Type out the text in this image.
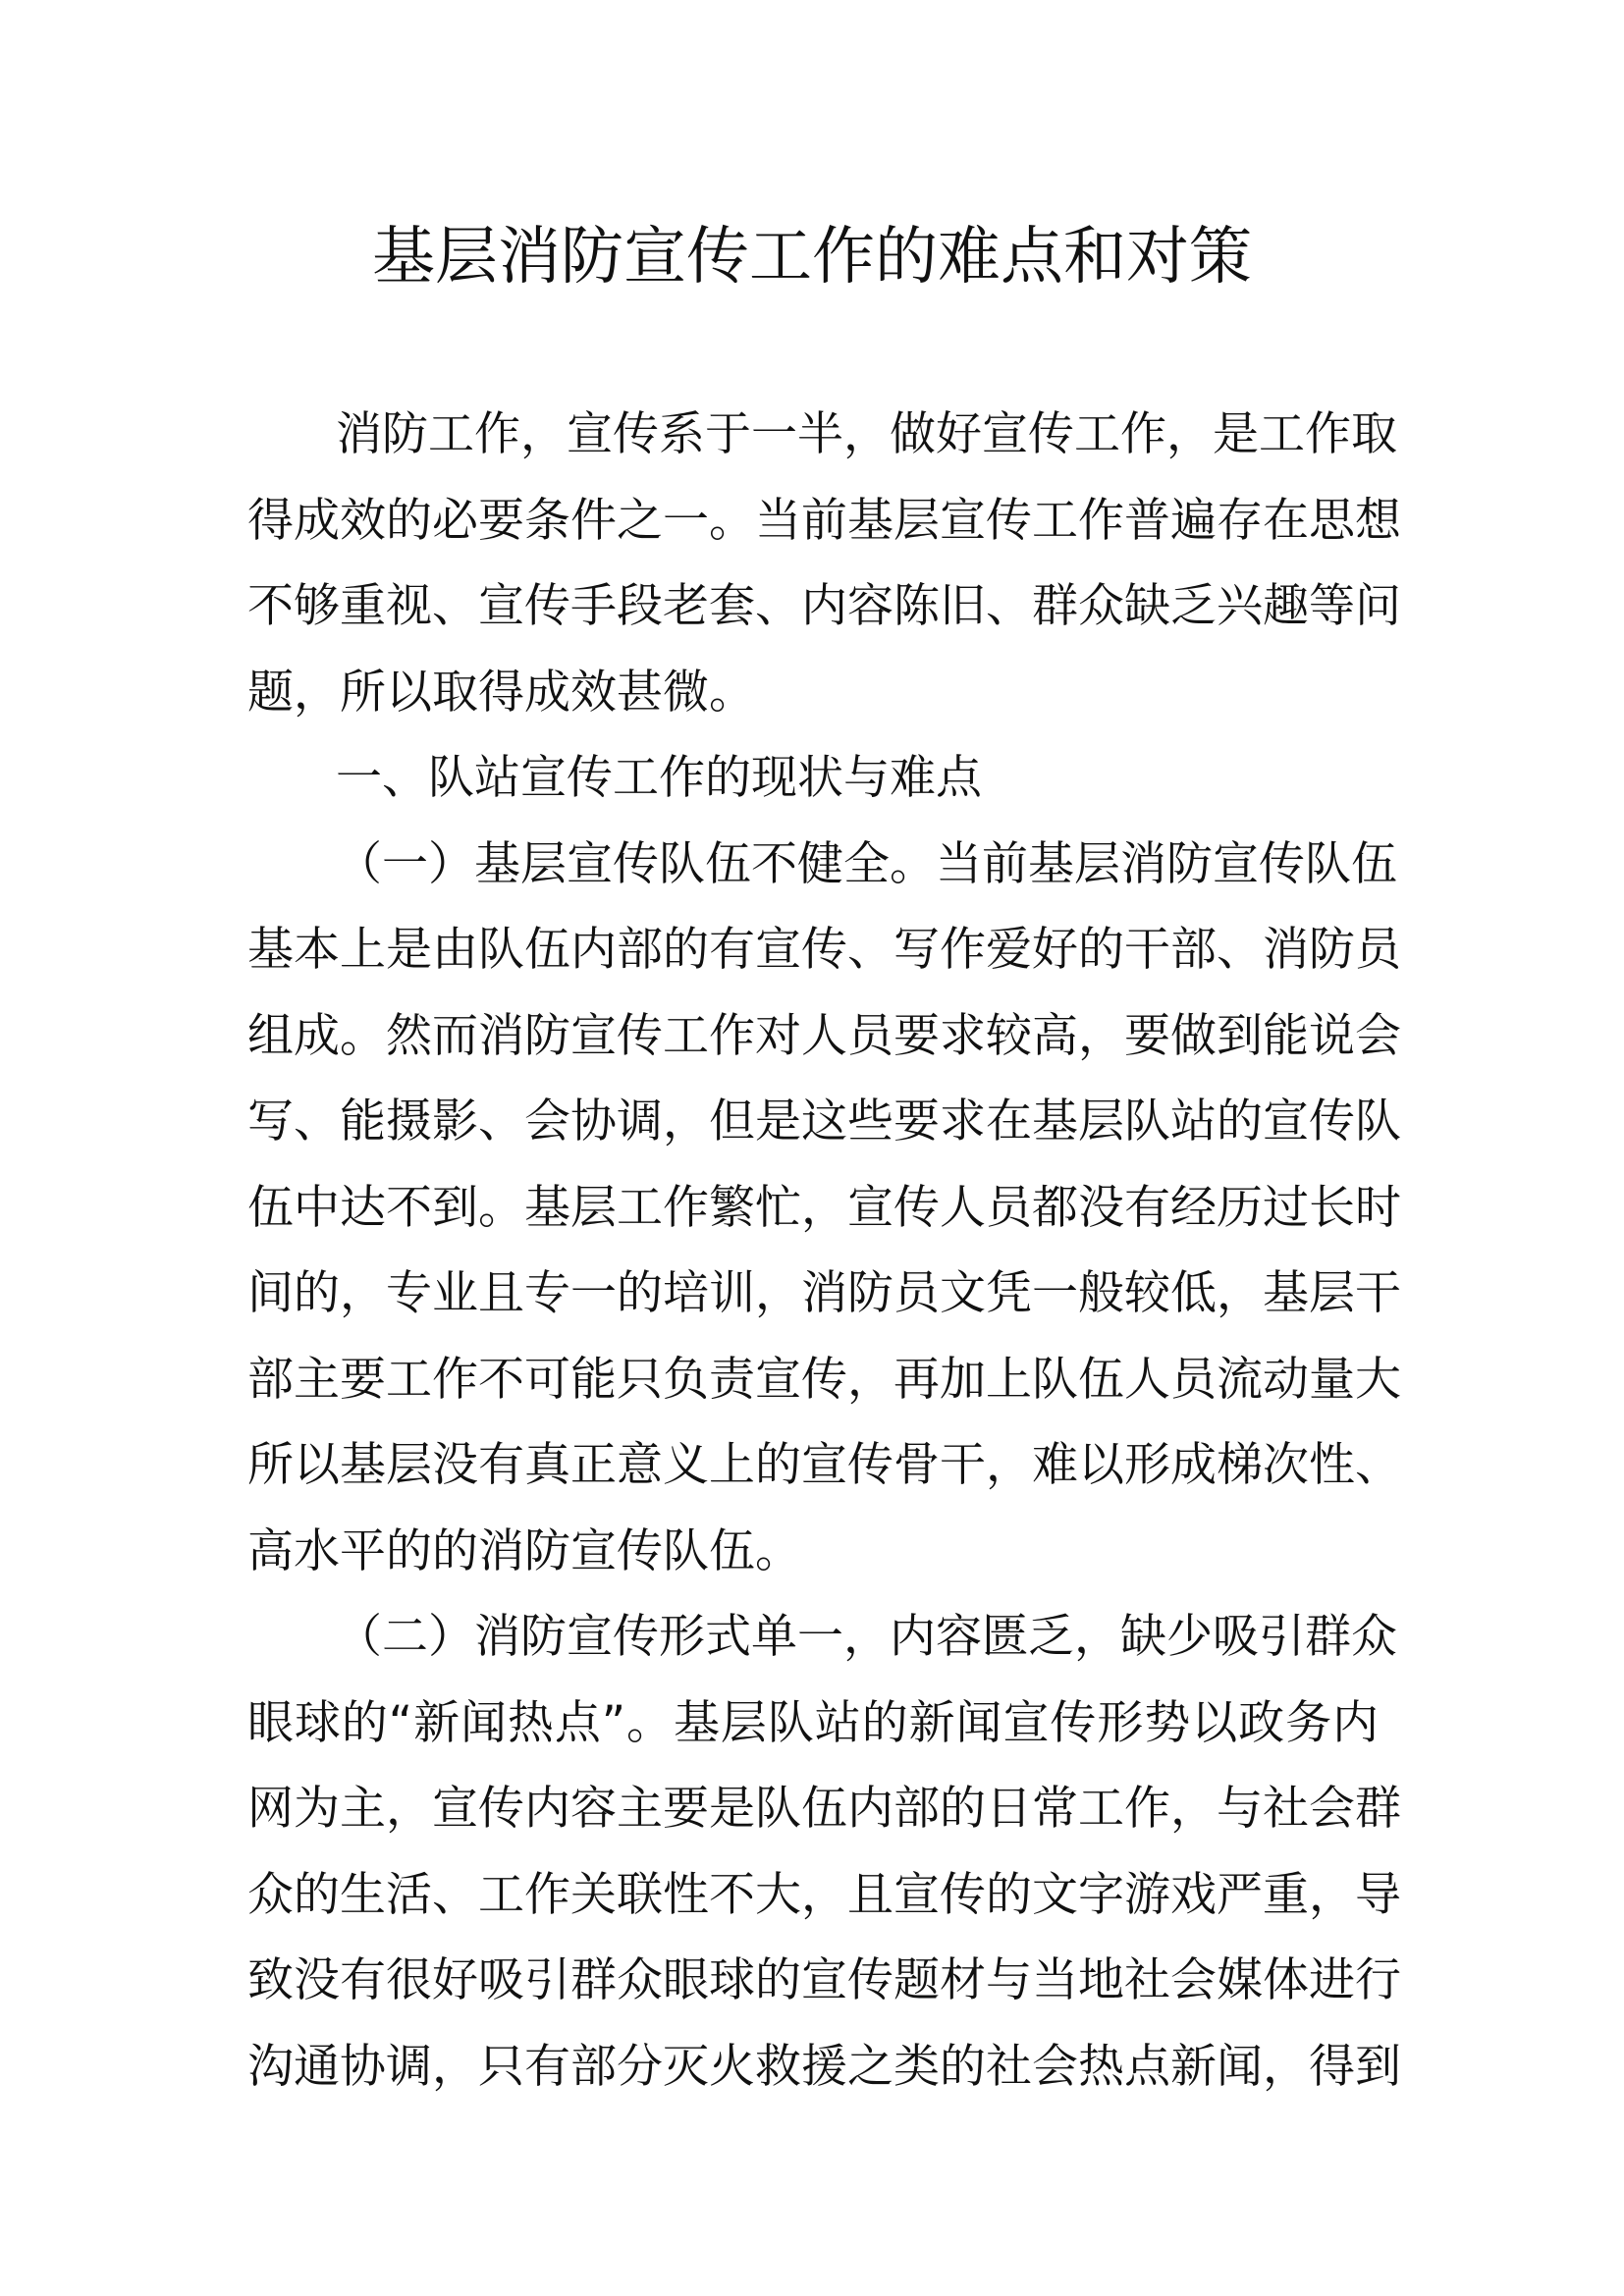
基层消防宣传工作的难点和对策
消防工作，宣传系于一半，做好宣传工作，是工作取
得成效的必要条件之一。当前基层宣传工作普遍存在思想
不够重视、宣传手段老套、内容陈旧、群众缺乏兴趣等问
题，所以取得成效甚微。
一、队站宣传工作的现状与难点
（一）基层宣传队伍不健全。当前基层消防宣传队伍
基本上是由队伍内部的有宣传、写作爱好的干部、消防员
组成。然而消防宣传工作对人员要求较高，要做到能说会
写、能摄影、会协调，但是这些要求在基层队站的宣传队
伍中达不到。基层工作繁忙，宣传人员都没有经历过长时
间的，专业且专一的培训，消防员文凭一般较低，基层干
部主要工作不可能只负责宣传，再加上队伍人员流动量大
所以基层没有真正意义上的宣传骨干，难以形成梯次性、
高水平的的消防宣传队伍。
（二）消防宣传形式单一，内容匮乏，缺少吸引群众
眼球的“新闻热点”。基层队站的新闻宣传形势以政务内
网为主，宣传内容主要是队伍内部的日常工作，与社会群
众的生活、工作关联性不大，且宣传的文字游戏严重，导
致没有很好吸引群众眼球的宣传题材与当地社会媒体进行
沟通协调，只有部分灭火救援之类的社会热点新闻，得到
